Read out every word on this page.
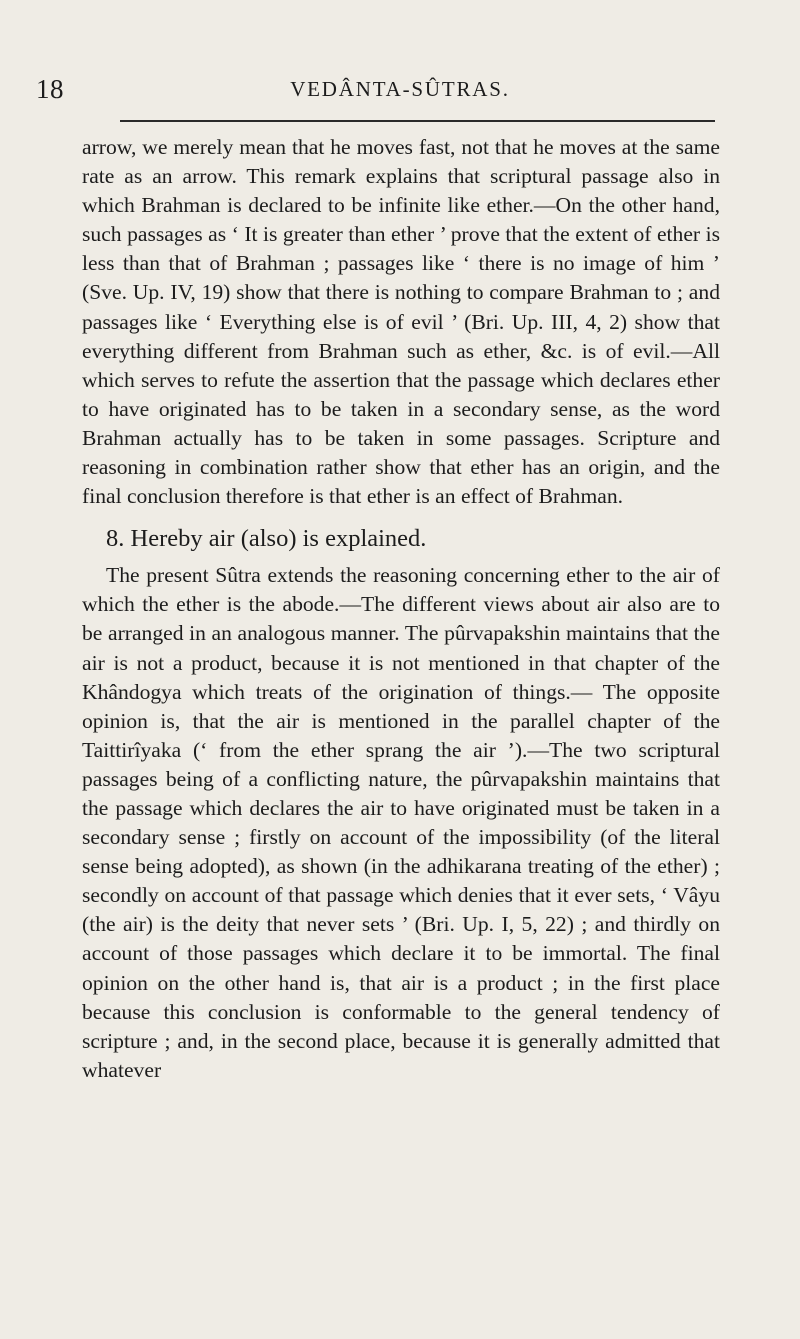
18	VEDÂNTA-SÛTRAS.

arrow, we merely mean that he moves fast, not that he moves at the same rate as an arrow. This remark explains that scriptural passage also in which Brahman is declared to be infinite like ether.—On the other hand, such passages as ‘ It is greater than ether ’ prove that the extent of ether is less than that of Brahman ; passages like ‘ there is no image of him ’ (Sve. Up. IV, 19) show that there is nothing to compare Brahman to ; and passages like ‘ Everything else is of evil ’ (Bri. Up. III, 4, 2) show that everything different from Brahman such as ether, &c. is of evil.—All which serves to refute the assertion that the passage which declares ether to have originated has to be taken in a secondary sense, as the word Brahman actually has to be taken in some passages. Scripture and reasoning in combination rather show that ether has an origin, and the final conclusion therefore is that ether is an effect of Brahman.

8. Hereby air (also) is explained.

The present Sûtra extends the reasoning concerning ether to the air of which the ether is the abode.—The different views about air also are to be arranged in an analogous manner. The pûrvapakshin maintains that the air is not a product, because it is not mentioned in that chapter of the Khândogya which treats of the origination of things.— The opposite opinion is, that the air is mentioned in the parallel chapter of the Taittirîyaka (‘ from the ether sprang the air ’).—The two scriptural passages being of a conflicting nature, the pûrvapakshin maintains that the passage which declares the air to have originated must be taken in a secondary sense ; firstly on account of the impossibility (of the literal sense being adopted), as shown (in the adhikarana treating of the ether) ; secondly on account of that passage which denies that it ever sets, ‘ Vâyu (the air) is the deity that never sets ’ (Bri. Up. I, 5, 22) ; and thirdly on account of those passages which declare it to be immortal. The final opinion on the other hand is, that air is a product ; in the first place because this conclusion is conformable to the general tendency of scripture ; and, in the second place, because it is generally admitted that whatever
